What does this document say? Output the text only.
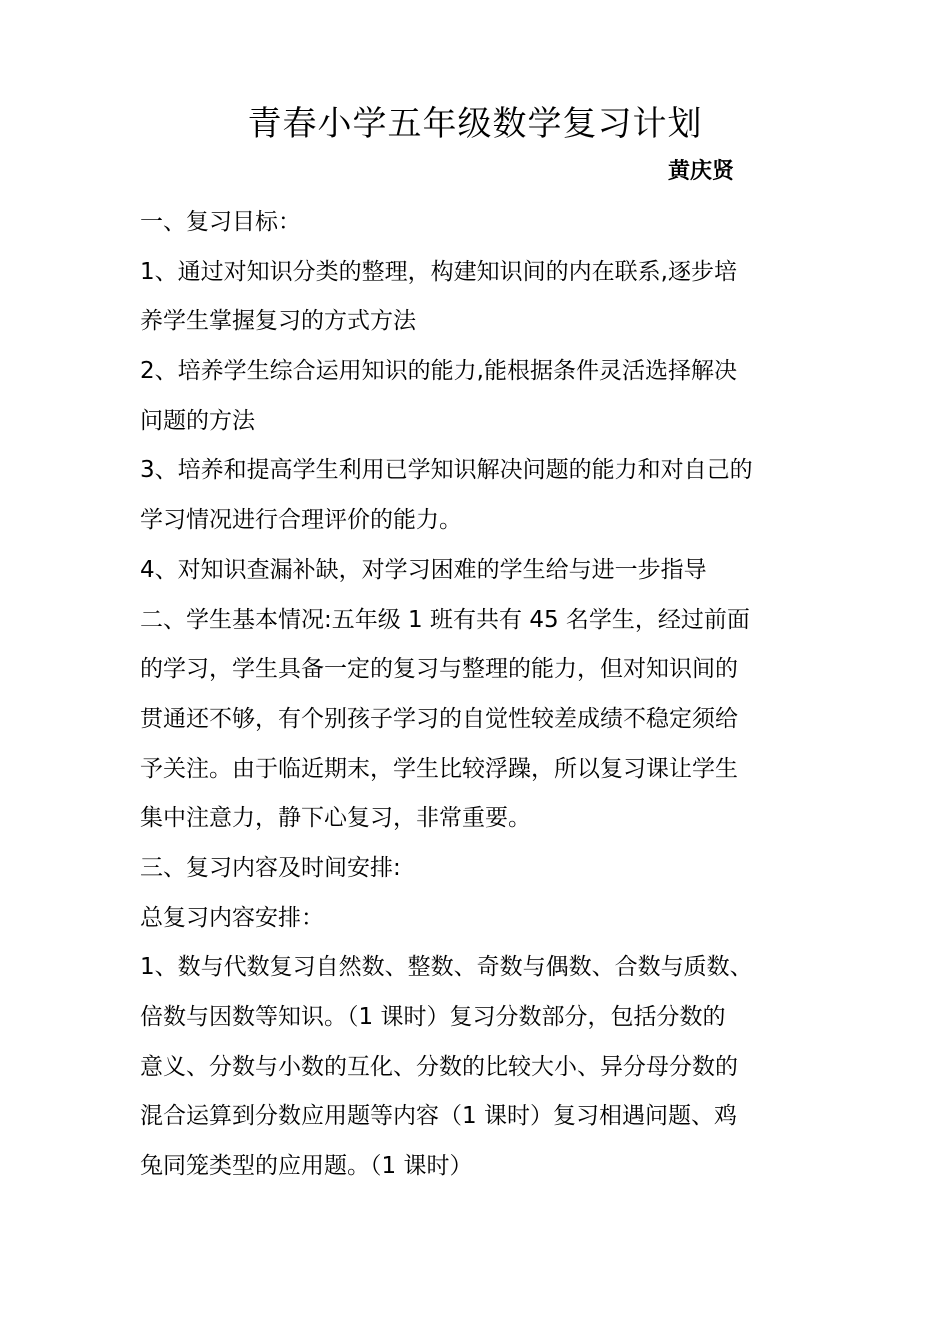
青春小学五年级数学复习计划
黄庆贤
一、复习目标：
1、通过对知识分类的整理，构建知识间的内在联系,逐步培
养学生掌握复习的方式方法
2、培养学生综合运用知识的能力,能根据条件灵活选择解决
问题的方法
3、培养和提高学生利用已学知识解决问题的能力和对自己的
学习情况进行合理评价的能力。
4、对知识查漏补缺，对学习困难的学生给与进一步指导
二、学生基本情况:五年级 1 班有共有 45 名学生，经过前面
的学习，学生具备一定的复习与整理的能力，但对知识间的
贯通还不够，有个别孩子学习的自觉性较差成绩不稳定须给
予关注。由于临近期末，学生比较浮躁，所以复习课让学生
集中注意力，静下心复习，非常重要。
三、复习内容及时间安排:
总复习内容安排：
1、数与代数复习自然数、整数、奇数与偶数、合数与质数、
倍数与因数等知识。（1 课时）复习分数部分，包括分数的
意义、分数与小数的互化、分数的比较大小、异分母分数的
混合运算到分数应用题等内容（1 课时）复习相遇问题、鸡
兔同笼类型的应用题。（1 课时）
